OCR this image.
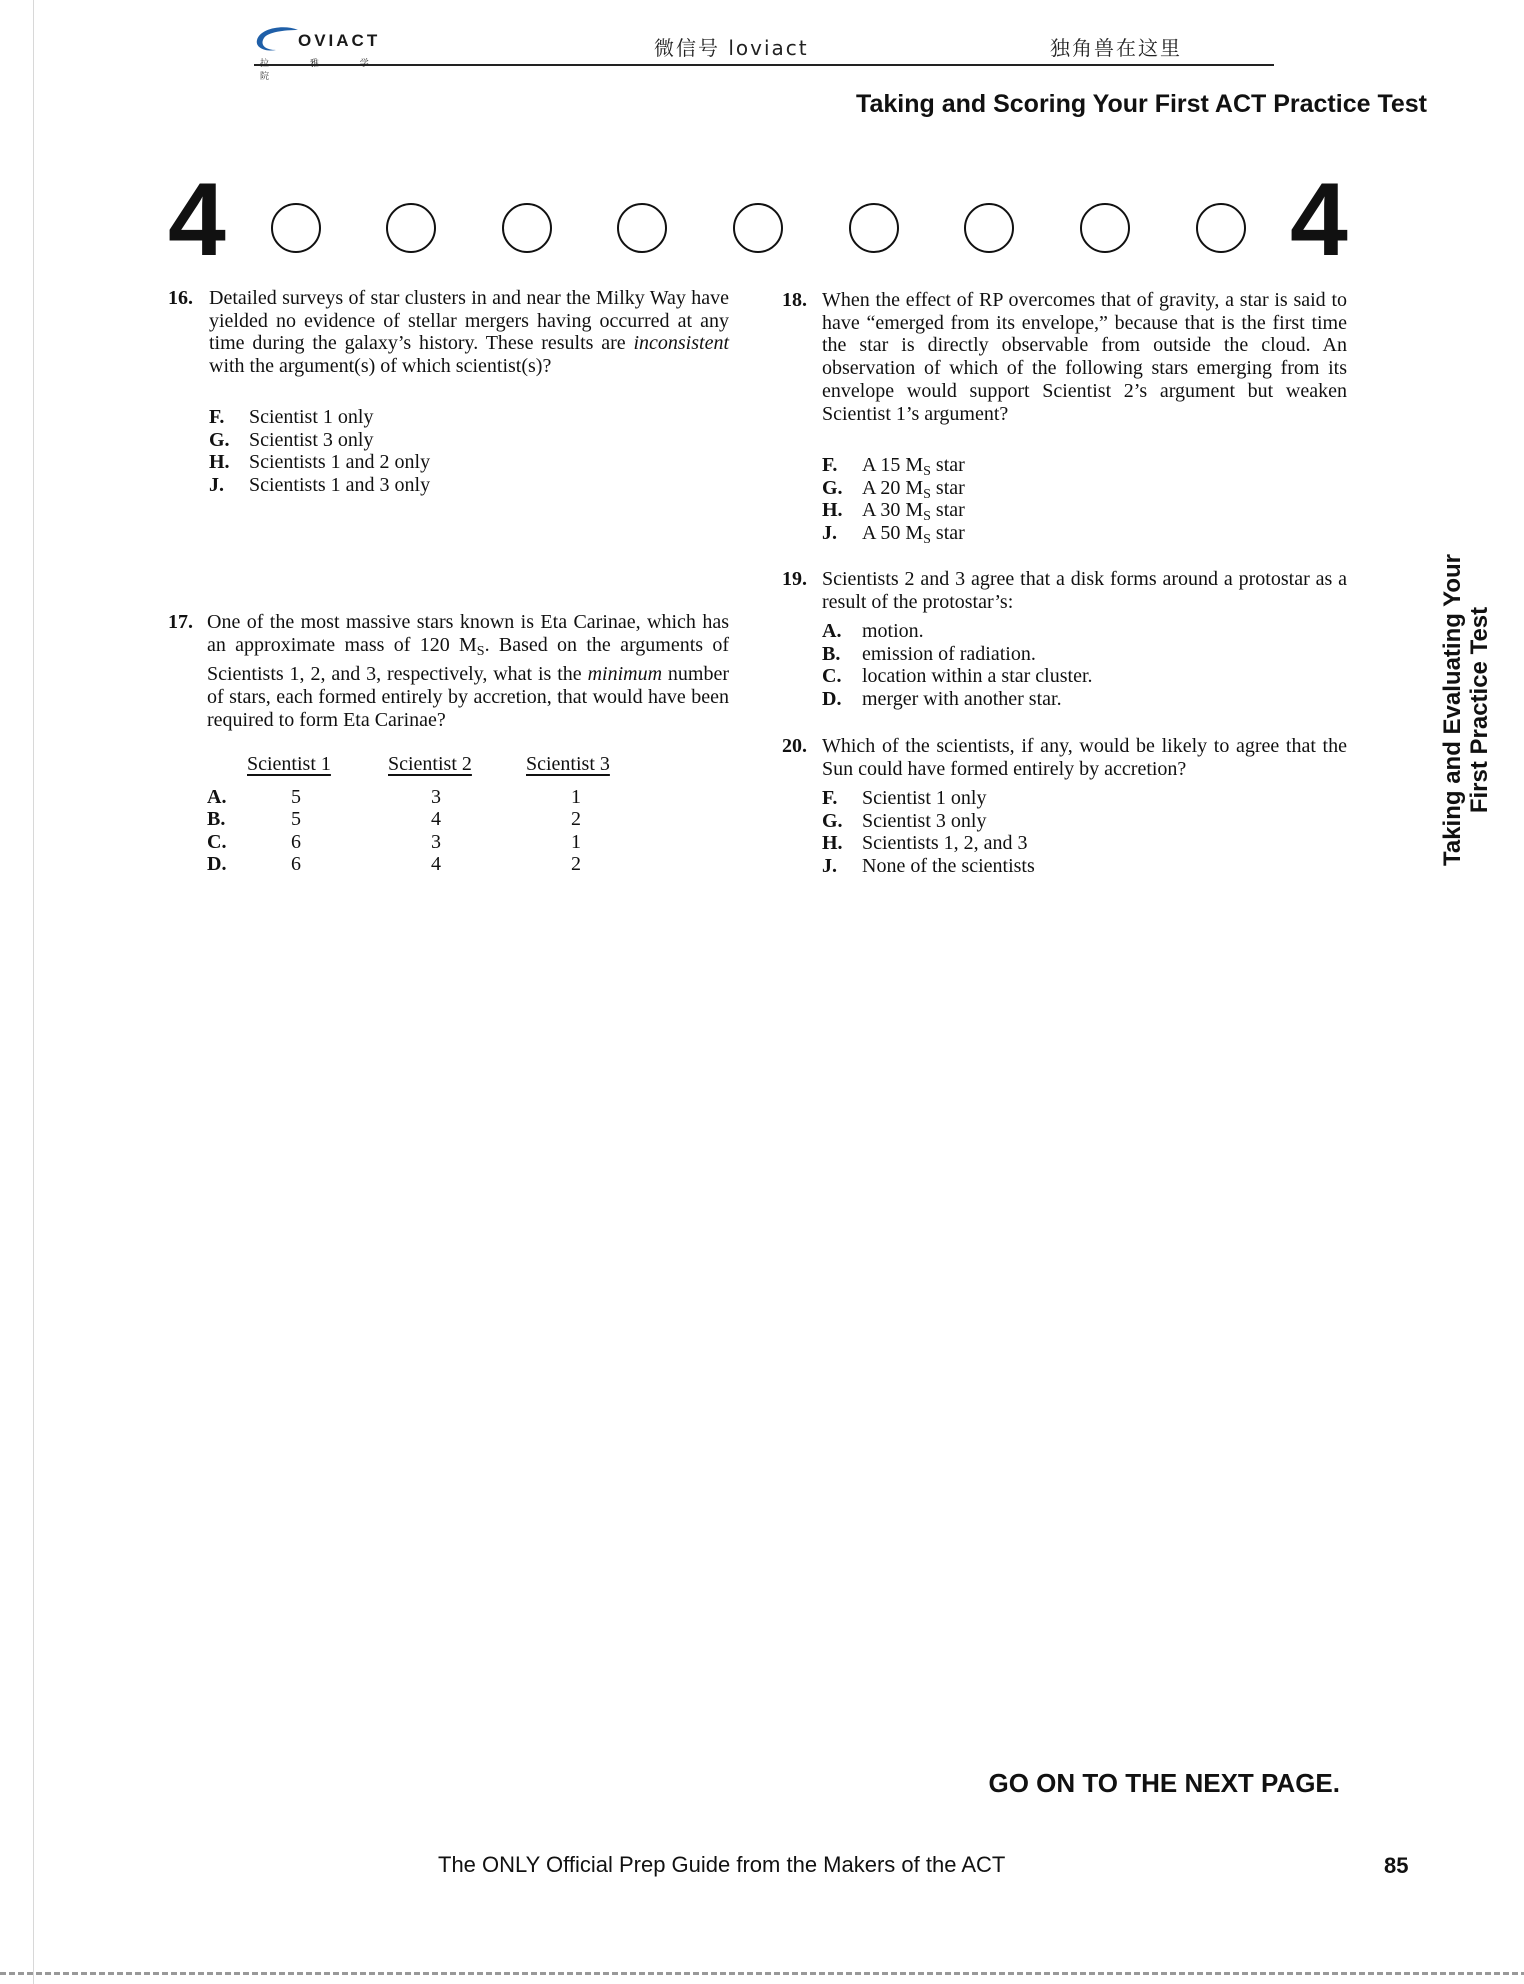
OVIACT
院
微信号 loviact	独角兽在这里
Taking and Scoring Your First ACT Practice Test
4	4
16. Detailed surveys of star clusters in and near the Milky Way have yielded no evidence of stellar mergers having occurred at any time during the galaxy’s history. These results are inconsistent with the argument(s) of which scientist(s)?
F. Scientist 1 only
G. Scientist 3 only
H. Scientists 1 and 2 only
J. Scientists 1 and 3 only
17. One of the most massive stars known is Eta Carinae, which has an approximate mass of 120 $M_S$. Based on the arguments of Scientists 1, 2, and 3, respectively, what is the minimum number of stars, each formed entirely by accretion, that would have been required to form Eta Carinae?
Scientist 1	Scientist 2	Scientist 3
A.	5	3	1
B.	5	4	2
C.	6	3	1
D.	6	4	2
18. When the effect of RP overcomes that of gravity, a star is said to have “emerged from its envelope,” because that is the first time the star is directly observable from outside the cloud. An observation of which of the following stars emerging from its envelope would support Scientist 2’s argument but weaken Scientist 1’s argument?
F. A 15 $M_S$ star
G. A 20 $M_S$ star
H. A 30 $M_S$ star
J. A 50 $M_S$ star
19. Scientists 2 and 3 agree that a disk forms around a protostar as a result of the protostar’s:
A. motion.
B. emission of radiation.
C. location within a star cluster.
D. merger with another star.
20. Which of the scientists, if any, would be likely to agree that the Sun could have formed entirely by accretion?
F. Scientist 1 only
G. Scientist 3 only
H. Scientists 1, 2, and 3
J. None of the scientists	Taking and Evaluating Your First Practice Test
GO ON TO THE NEXT PAGE.
The ONLY Official Prep Guide from the Makers of the ACT	85
